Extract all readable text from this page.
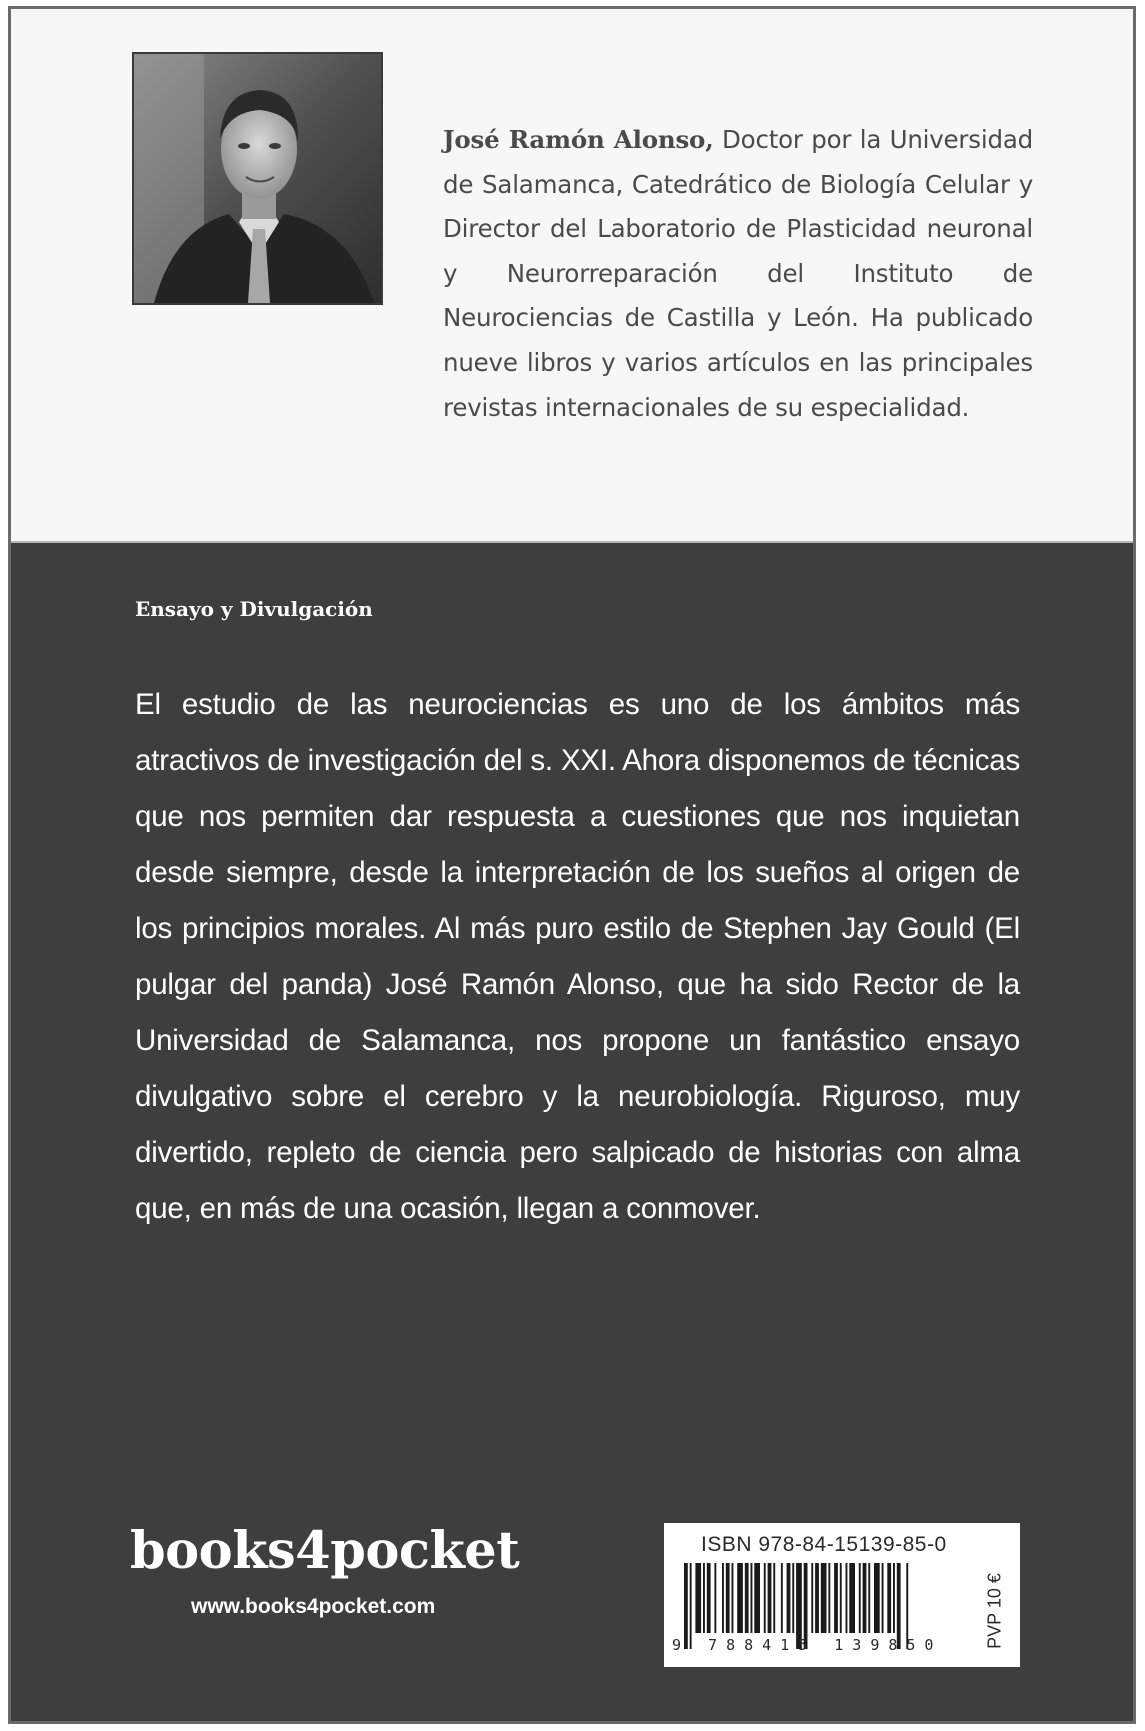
José Ramón Alonso, Doctor por la Universidad de Salamanca, Catedrático de Biología Celular y Director del Laboratorio de Plasticidad neuronal y Neurorreparación del Instituto de Neurociencias de Castilla y León. Ha publicado nueve libros y varios artículos en las principales revistas internacionales de su especialidad.
Ensayo y Divulgación
El estudio de las neurociencias es uno de los ámbitos más atractivos de investigación del s. XXI. Ahora disponemos de técnicas que nos permiten dar respuesta a cuestiones que nos inquietan desde siempre, desde la interpretación de los sueños al origen de los principios morales. Al más puro estilo de Stephen Jay Gould (El pulgar del panda) José Ramón Alonso, que ha sido Rector de la Universidad de Salamanca, nos propone un fantástico ensayo divulgativo sobre el cerebro y la neurobiología. Riguroso, muy divertido, repleto de ciencia pero salpicado de historias con alma que, en más de una ocasión, llegan a conmover.
books4pocket
www.books4pocket.com
ISBN 978-84-15139-85-0
9 788415 139850	PVP 10 €
